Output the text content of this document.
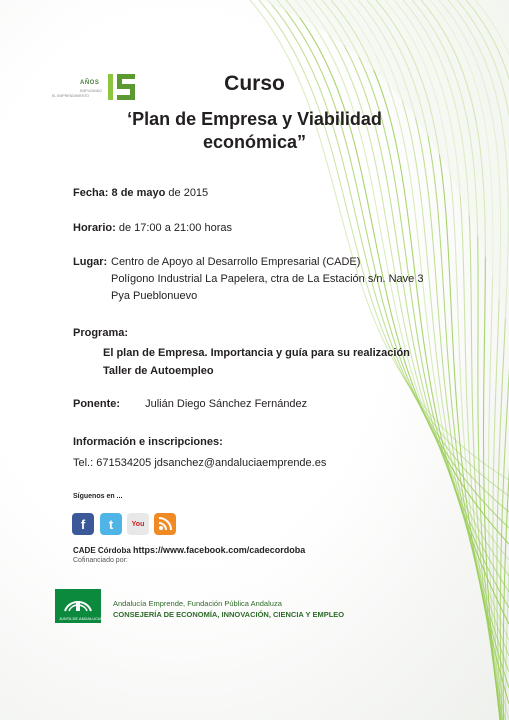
AÑOS
EMPLEANDO
EL EMPRENDIMIENTO
Curso
‘Plan de Empresa y Viabilidad
económica”
Fecha: 8 de mayo de 2015
Horario: de 17:00 a 21:00 horas
Lugar: Centro de Apoyo al Desarrollo Empresarial (CADE)
Polígono Industrial La Papelera, ctra de La Estación s/n. Nave 3
Pya Pueblonuevo
Programa:
El plan de Empresa. Importancia y guía para su realización
Taller de Autoempleo
Ponente: Julián Diego Sánchez Fernández
Información e inscripciones:
Tel.: 671534205 jdsanchez@andaluciaemprende.es
Síguenos en ...
f	t	You

CADE Córdoba https://www.facebook.com/cadecordoba
Cofinanciado por:
JUNTA DE ANDALUCIA
Andalucía Emprende, Fundación Pública Andaluza
CONSEJERÍA DE ECONOMÍA, INNOVACIÓN, CIENCIA Y EMPLEO
